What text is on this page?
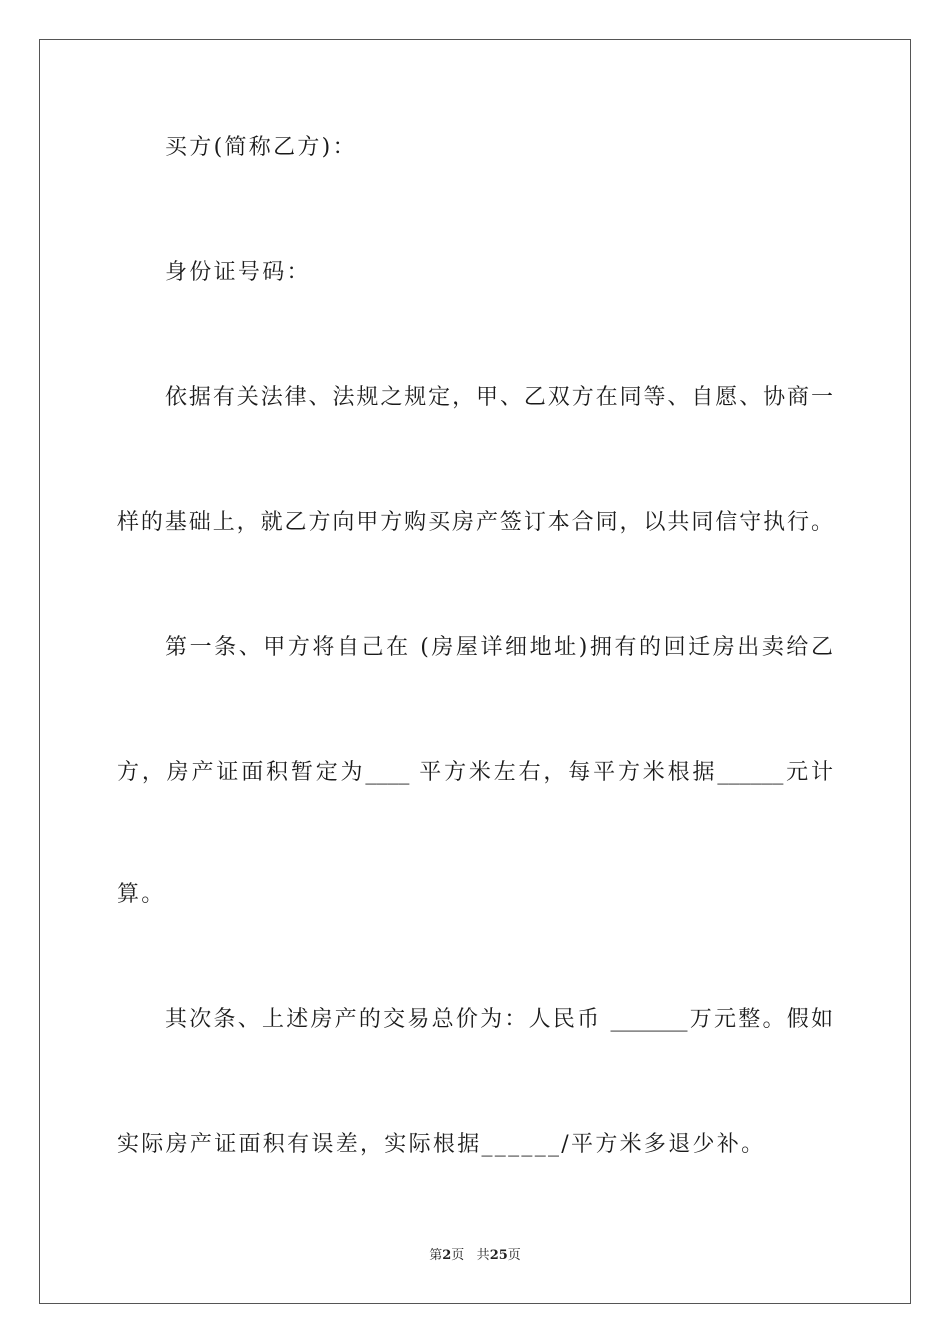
买方(简称乙方)：

身份证号码：

依据有关法律、法规之规定，甲、乙双方在同等、自愿、协商一

样的基础上，就乙方向甲方购买房产签订本合同，以共同信守执行。

第一条、甲方将自己在 (房屋详细地址)拥有的回迁房出卖给乙

方，房产证面积暂定为____ 平方米左右，每平方米根据______元计

算。

其次条、上述房产的交易总价为：人民币 _______万元整。假如

实际房产证面积有误差，实际根据______/平方米多退少补。

第2页 共25页
